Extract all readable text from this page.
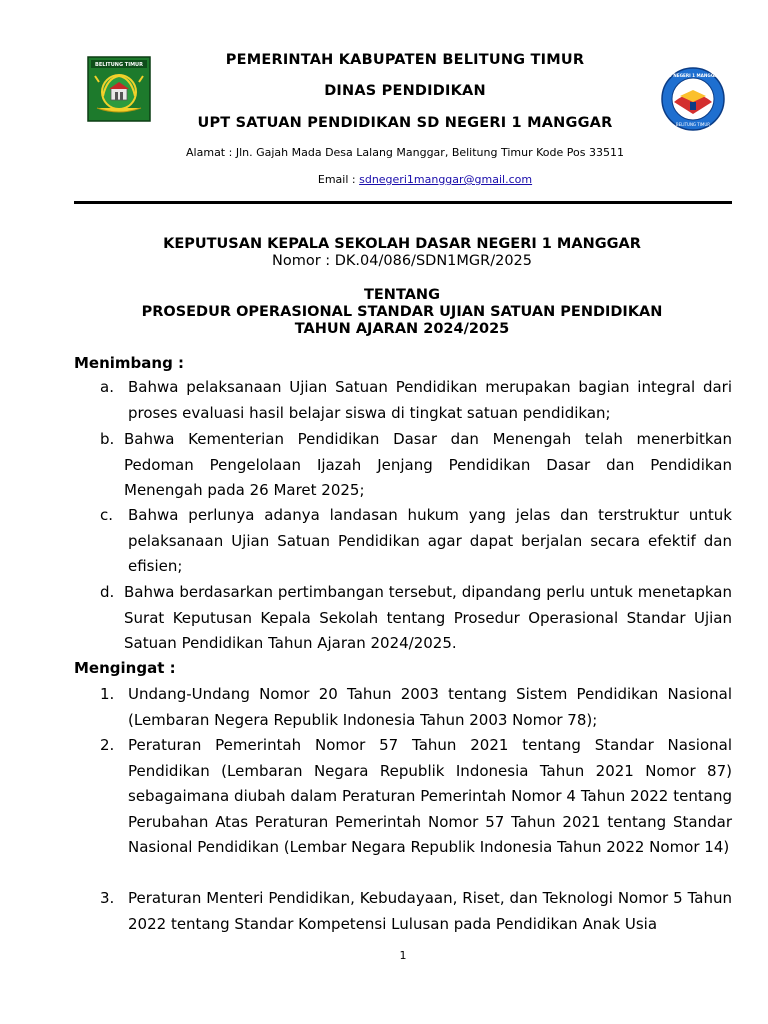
BELITUNG TIMUR
SD NEGERI 1 MANGGAR
BELITUNG TIMUR
PEMERINTAH KABUPATEN BELITUNG TIMUR
DINAS PENDIDIKAN
UPT SATUAN PENDIDIKAN SD NEGERI 1 MANGGAR
Alamat : Jln. Gajah Mada Desa Lalang Manggar, Belitung Timur Kode Pos 33511
Email : sdnegeri1manggar@gmail.com
KEPUTUSAN KEPALA SEKOLAH DASAR NEGERI 1 MANGGAR
Nomor : DK.04/086/SDN1MGR/2025
TENTANG
PROSEDUR OPERASIONAL STANDAR UJIAN SATUAN PENDIDIKAN
TAHUN AJARAN 2024/2025
Menimbang :
a. Bahwa pelaksanaan Ujian Satuan Pendidikan merupakan bagian integral dari proses evaluasi hasil belajar siswa di tingkat satuan pendidikan;
b. Bahwa Kementerian Pendidikan Dasar dan Menengah telah menerbitkan Pedoman Pengelolaan Ijazah Jenjang Pendidikan Dasar dan Pendidikan Menengah pada 26 Maret 2025;
c. Bahwa perlunya adanya landasan hukum yang jelas dan terstruktur untuk pelaksanaan Ujian Satuan Pendidikan agar dapat berjalan secara efektif dan efisien;
d. Bahwa berdasarkan pertimbangan tersebut, dipandang perlu untuk menetapkan Surat Keputusan Kepala Sekolah tentang Prosedur Operasional Standar Ujian Satuan Pendidikan Tahun Ajaran 2024/2025.
Mengingat :
1. Undang-Undang Nomor 20 Tahun 2003 tentang Sistem Pendidikan Nasional (Lembaran Negera Republik Indonesia Tahun 2003 Nomor 78);
2. Peraturan Pemerintah Nomor 57 Tahun 2021 tentang Standar Nasional Pendidikan (Lembaran Negara Republik Indonesia Tahun 2021 Nomor 87) sebagaimana diubah dalam Peraturan Pemerintah Nomor 4 Tahun 2022 tentang Perubahan Atas Peraturan Pemerintah Nomor 57 Tahun 2021 tentang Standar Nasional Pendidikan (Lembar Negara Republik Indonesia Tahun 2022 Nomor 14)
3. Peraturan Menteri Pendidikan, Kebudayaan, Riset, dan Teknologi Nomor 5 Tahun 2022 tentang Standar Kompetensi Lulusan pada Pendidikan Anak Usia
1
